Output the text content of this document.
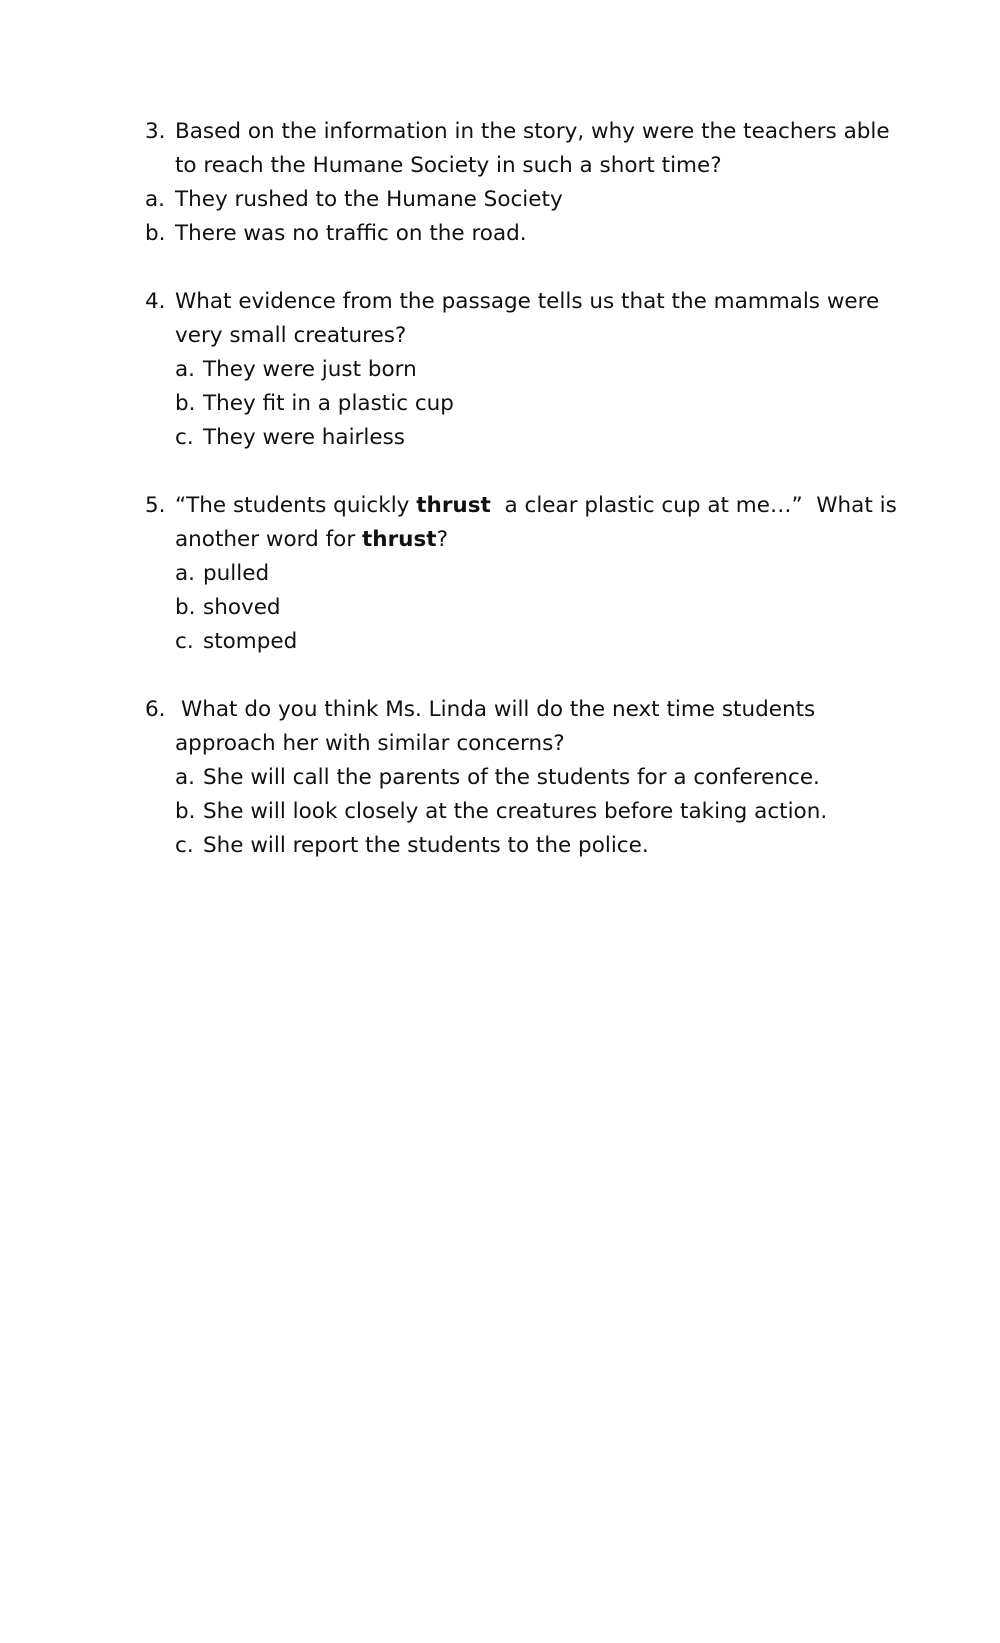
3. Based on the information in the story, why were the teachers able
to reach the Humane Society in such a short time?
a. They rushed to the Humane Society
b. There was no traffic on the road.
4. What evidence from the passage tells us that the mammals were
very small creatures?
a. They were just born
b. They fit in a plastic cup
c. They were hairless
5. “The students quickly thrust  a clear plastic cup at me…”  What is
another word for thrust?
a. pulled
b. shoved
c. stomped
6. What do you think Ms. Linda will do the next time students
approach her with similar concerns?
a. She will call the parents of the students for a conference.
b. She will look closely at the creatures before taking action.
c. She will report the students to the police.
